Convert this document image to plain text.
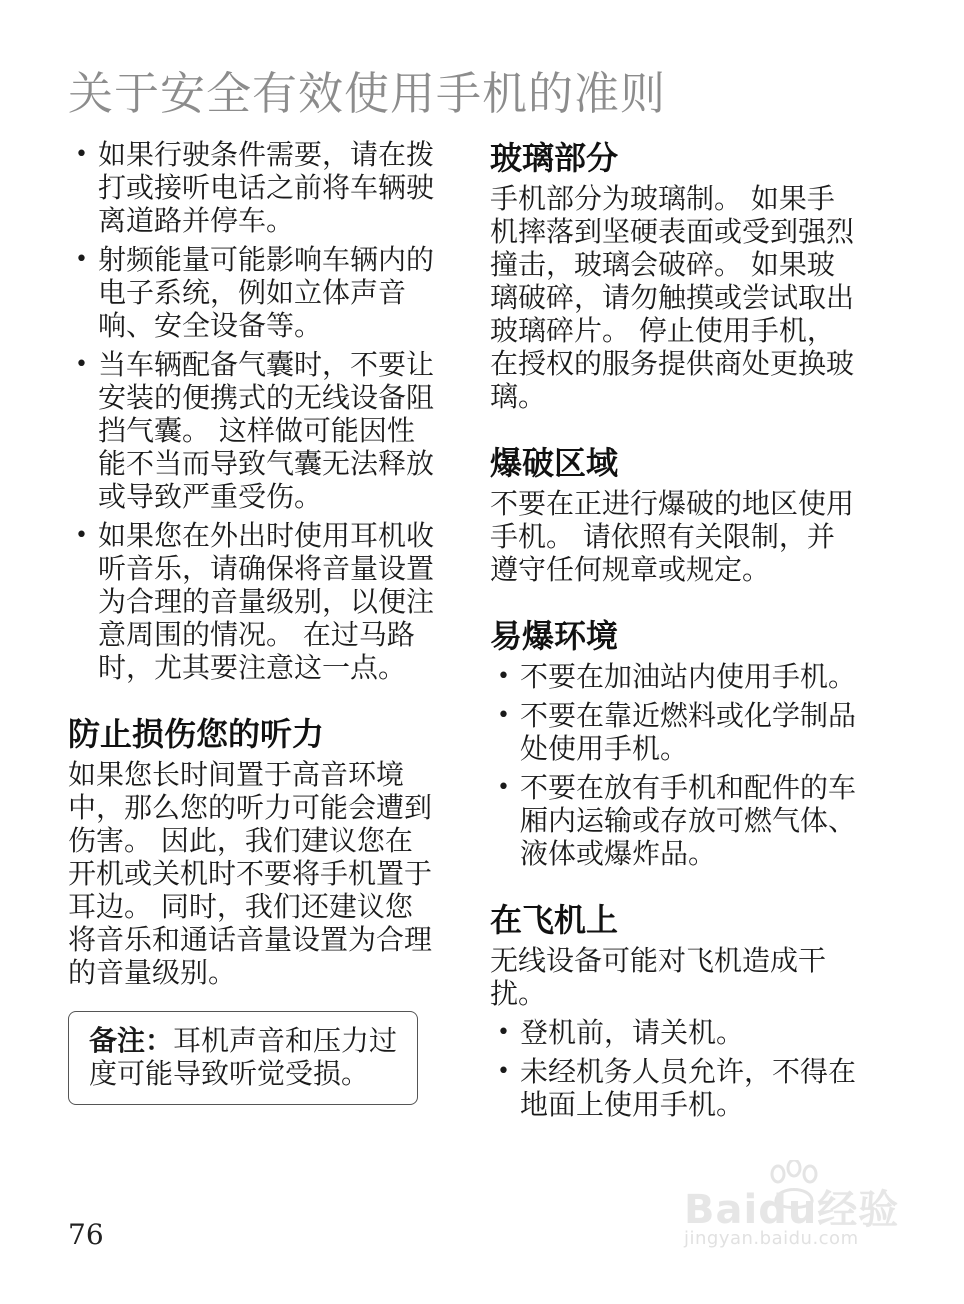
关于安全有效使用手机的准则
• 如果行驶条件需要，请在拨打或接听电话之前将车辆驶离道路并停车。
• 射频能量可能影响车辆内的电子系统，例如立体声音响、安全设备等。
• 当车辆配备气囊时，不要让安装的便携式的无线设备阻挡气囊。 这样做可能因性能不当而导致气囊无法释放或导致严重受伤。
• 如果您在外出时使用耳机收听音乐，请确保将音量设置为合理的音量级别，以便注意周围的情况。 在过马路时，尤其要注意这一点。
防止损伤您的听力

如果您长时间置于高音环境中，那么您的听力可能会遭到伤害。 因此，我们建议您在开机或关机时不要将手机置于耳边。 同时，我们还建议您将音乐和通话音量设置为合理的音量级别。

备注：耳机声音和压力过度可能导致听觉受损。
玻璃部分

手机部分为玻璃制。 如果手机摔落到坚硬表面或受到强烈撞击，玻璃会破碎。 如果玻璃破碎，请勿触摸或尝试取出玻璃碎片。 停止使用手机，在授权的服务提供商处更换玻璃。

爆破区域

不要在正进行爆破的地区使用手机。 请依照有关限制，并遵守任何规章或规定。

易爆环境
• 不要在加油站内使用手机。
• 不要在靠近燃料或化学制品处使用手机。
• 不要在放有手机和配件的车厢内运输或存放可燃气体、液体或爆炸品。
在飞机上

无线设备可能对飞机造成干扰。

• 登机前，请关机。
• 未经机务人员允许，不得在地面上使用手机。
76
Baidu经验
jingyan.baidu.com
